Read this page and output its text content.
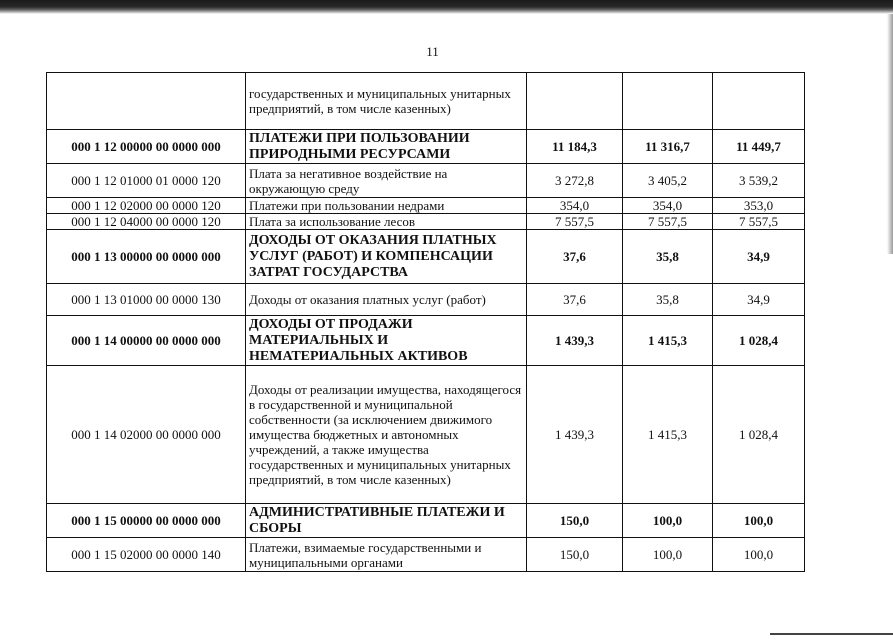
11
	государственных и муниципальных унитарных предприятий, в том числе казенных)			
000 1 12 00000 00 0000 000	ПЛАТЕЖИ ПРИ ПОЛЬЗОВАНИИ ПРИРОДНЫМИ РЕСУРСАМИ	11 184,3	11 316,7	11 449,7
000 1 12 01000 01 0000 120	Плата за негативное воздействие на окружающую среду	3 272,8	3 405,2	3 539,2
000 1 12 02000 00 0000 120	Платежи при пользовании недрами	354,0	354,0	353,0
000 1 12 04000 00 0000 120	Плата за использование лесов	7 557,5	7 557,5	7 557,5
000 1 13 00000 00 0000 000	ДОХОДЫ ОТ ОКАЗАНИЯ ПЛАТНЫХ УСЛУГ (РАБОТ) И КОМПЕНСАЦИИ ЗАТРАТ ГОСУДАРСТВА	37,6	35,8	34,9
000 1 13 01000 00 0000 130	Доходы от оказания платных услуг (работ)	37,6	35,8	34,9
000 1 14 00000 00 0000 000	ДОХОДЫ ОТ ПРОДАЖИ МАТЕРИАЛЬНЫХ И НЕМАТЕРИАЛЬНЫХ АКТИВОВ	1 439,3	1 415,3	1 028,4
000 1 14 02000 00 0000 000	Доходы от реализации имущества, находящегося в государственной и муниципальной собственности (за исключением движимого имущества бюджетных и автономных учреждений, а также имущества государственных и муниципальных унитарных предприятий, в том числе казенных)	1 439,3	1 415,3	1 028,4
000 1 15 00000 00 0000 000	АДМИНИСТРАТИВНЫЕ ПЛАТЕЖИ И СБОРЫ	150,0	100,0	100,0
000 1 15 02000 00 0000 140	Платежи, взимаемые государственными и муниципальными органами	150,0	100,0	100,0
